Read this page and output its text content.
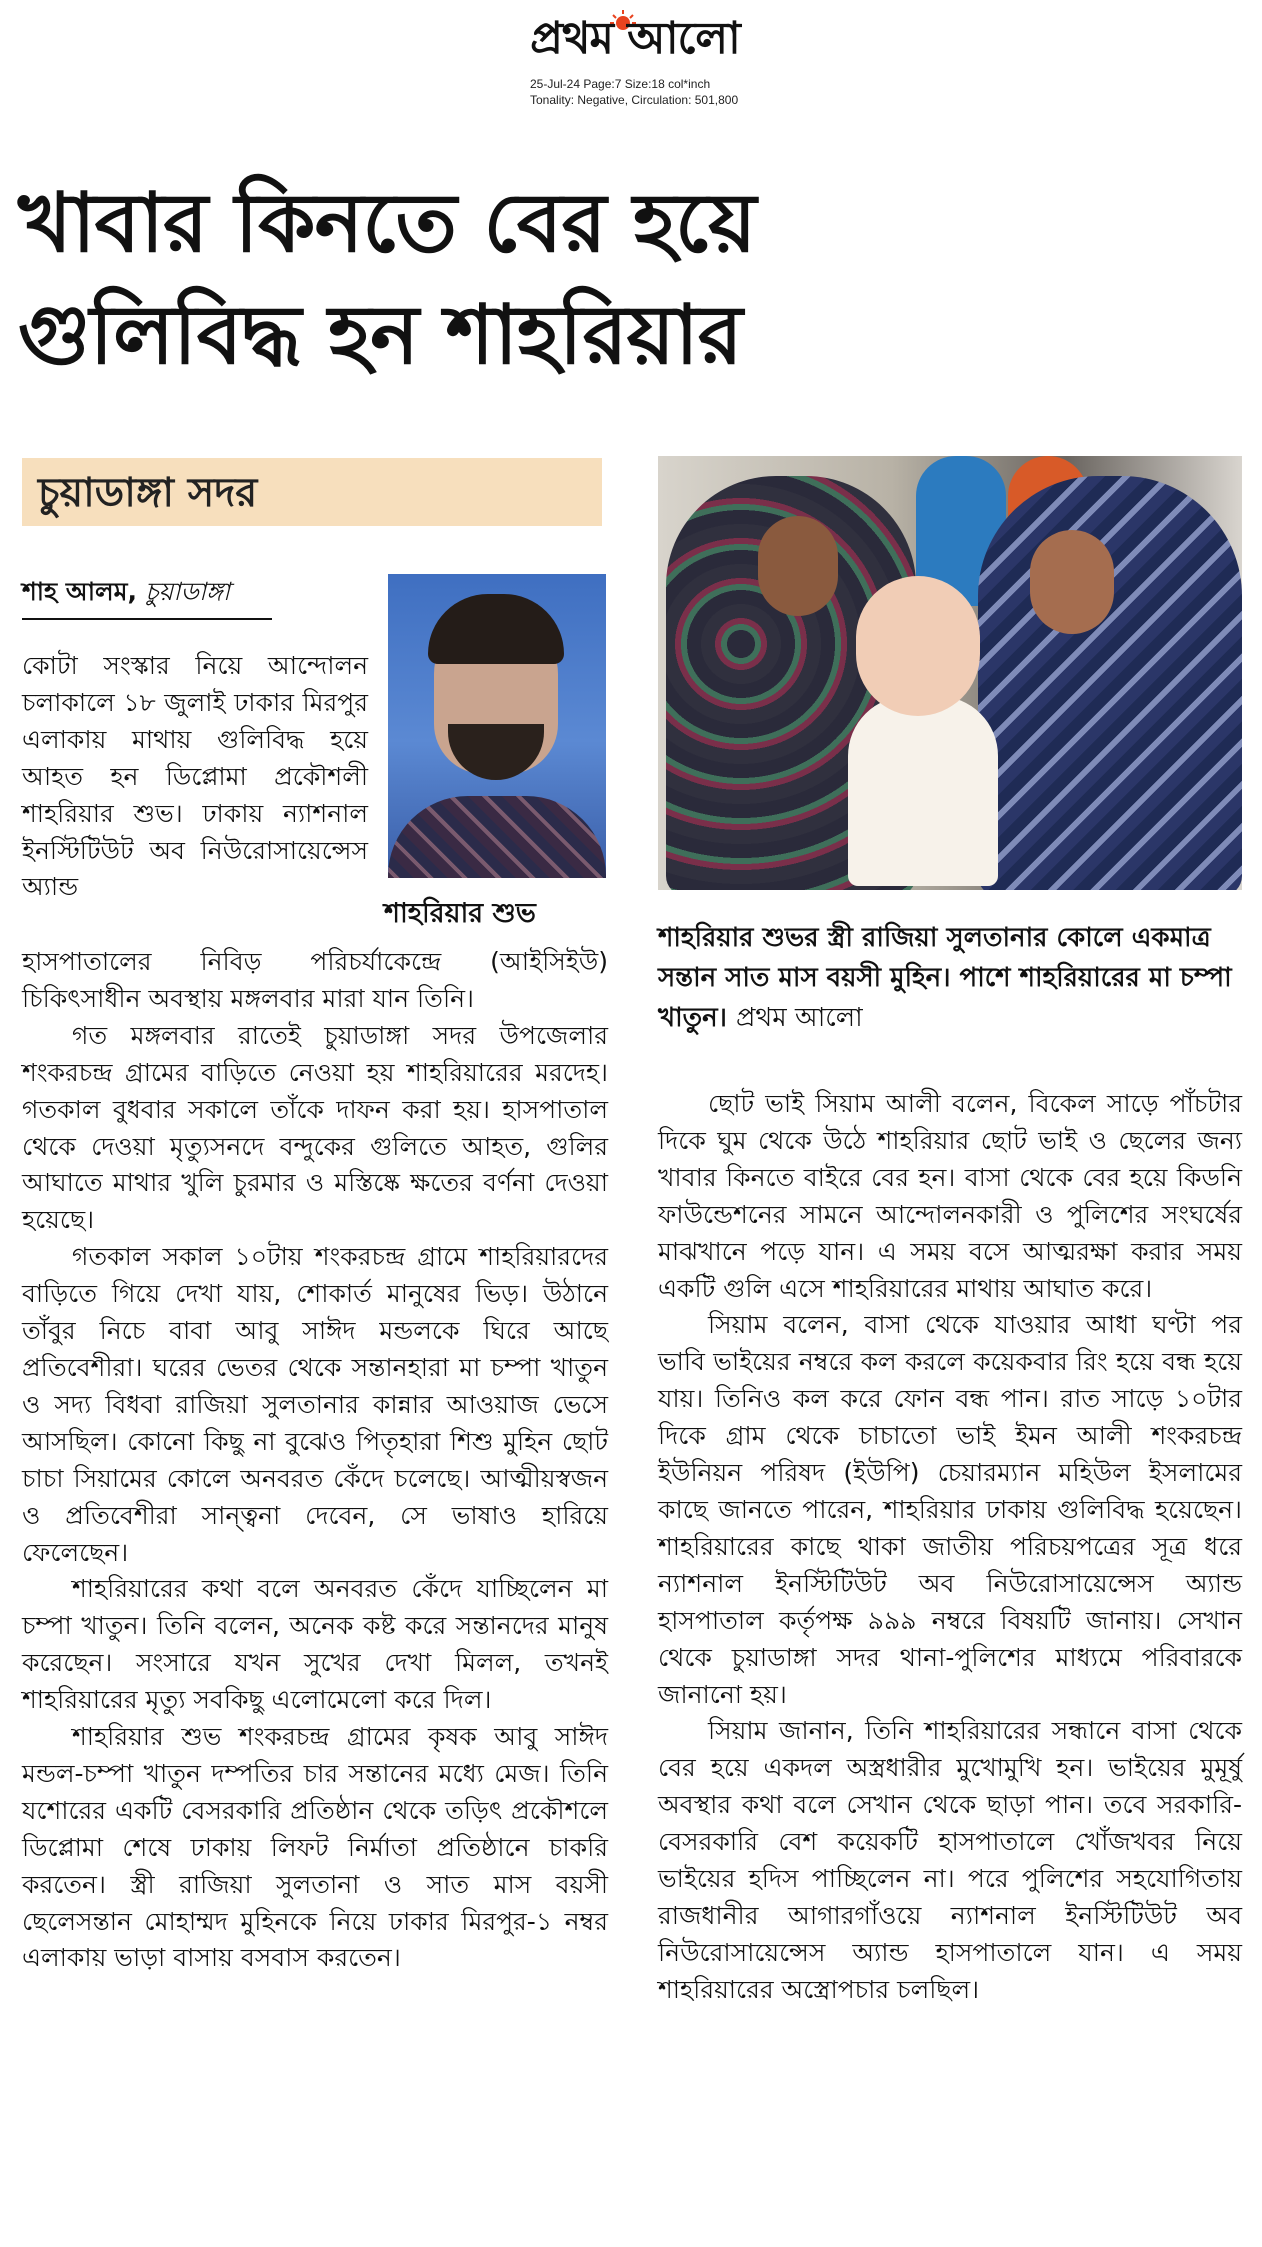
প্রথম আলো
25-Jul-24 Page:7 Size:18 col*inch
Tonality: Negative, Circulation: 501,800
খাবার কিনতে বের হয়ে
গুলিবিদ্ধ হন শাহরিয়ার
চুয়াডাঙ্গা সদর
শাহ আলম, চুয়াডাঙ্গা
শাহরিয়ার শুভ
শাহরিয়ার শুভর স্ত্রী রাজিয়া সুলতানার কোলে একমাত্র সন্তান সাত মাস বয়সী মুহিন। পাশে শাহরিয়ারের মা চম্পা খাতুন। প্রথম আলো

কোটা সংস্কার নিয়ে আন্দোলন চলাকালে ১৮ জুলাই ঢাকার মিরপুর এলাকায় মাথায় গুলিবিদ্ধ হয়ে আহত হন ডিপ্লোমা প্রকৌশলী শাহরিয়ার শুভ। ঢাকায় ন্যাশনাল ইনস্টিটিউট অব নিউরোসায়েন্সেস অ্যান্ড

হাসপাতালের নিবিড় পরিচর্যাকেন্দ্রে (আইসিইউ) চিকিৎসাধীন অবস্থায় মঙ্গলবার মারা যান তিনি।

গত মঙ্গলবার রাতেই চুয়াডাঙ্গা সদর উপজেলার শংকরচন্দ্র গ্রামের বাড়িতে নেওয়া হয় শাহরিয়ারের মরদেহ। গতকাল বুধবার সকালে তাঁকে দাফন করা হয়। হাসপাতাল থেকে দেওয়া মৃত্যুসনদে বন্দুকের গুলিতে আহত, গুলির আঘাতে মাথার খুলি চুরমার ও মস্তিষ্কে ক্ষতের বর্ণনা দেওয়া হয়েছে।

গতকাল সকাল ১০টায় শংকরচন্দ্র গ্রামে শাহরিয়ারদের বাড়িতে গিয়ে দেখা যায়, শোকার্ত মানুষের ভিড়। উঠানে তাঁবুর নিচে বাবা আবু সাঈদ মন্ডলকে ঘিরে আছে প্রতিবেশীরা। ঘরের ভেতর থেকে সন্তানহারা মা চম্পা খাতুন ও সদ্য বিধবা রাজিয়া সুলতানার কান্নার আওয়াজ ভেসে আসছিল। কোনো কিছু না বুঝেও পিতৃহারা শিশু মুহিন ছোট চাচা সিয়ামের কোলে অনবরত কেঁদে চলেছে। আত্মীয়স্বজন ও প্রতিবেশীরা সান্ত্বনা দেবেন, সে ভাষাও হারিয়ে ফেলেছেন।

শাহরিয়ারের কথা বলে অনবরত কেঁদে যাচ্ছিলেন মা চম্পা খাতুন। তিনি বলেন, অনেক কষ্ট করে সন্তানদের মানুষ করেছেন। সংসারে যখন সুখের দেখা মিলল, তখনই শাহরিয়ারের মৃত্যু সবকিছু এলোমেলো করে দিল।

শাহরিয়ার শুভ শংকরচন্দ্র গ্রামের কৃষক আবু সাঈদ মন্ডল-চম্পা খাতুন দম্পতির চার সন্তানের মধ্যে মেজ। তিনি যশোরের একটি বেসরকারি প্রতিষ্ঠান থেকে তড়িৎ প্রকৌশলে ডিপ্লোমা শেষে ঢাকায় লিফট নির্মাতা প্রতিষ্ঠানে চাকরি করতেন। স্ত্রী রাজিয়া সুলতানা ও সাত মাস বয়সী ছেলেসন্তান মোহাম্মদ মুহিনকে নিয়ে ঢাকার মিরপুর-১ নম্বর এলাকায় ভাড়া বাসায় বসবাস করতেন।

ছোট ভাই সিয়াম আলী বলেন, বিকেল সাড়ে পাঁচটার দিকে ঘুম থেকে উঠে শাহরিয়ার ছোট ভাই ও ছেলের জন্য খাবার কিনতে বাইরে বের হন। বাসা থেকে বের হয়ে কিডনি ফাউন্ডেশনের সামনে আন্দোলনকারী ও পুলিশের সংঘর্ষের মাঝখানে পড়ে যান। এ সময় বসে আত্মরক্ষা করার সময় একটি গুলি এসে শাহরিয়ারের মাথায় আঘাত করে।

সিয়াম বলেন, বাসা থেকে যাওয়ার আধা ঘণ্টা পর ভাবি ভাইয়ের নম্বরে কল করলে কয়েকবার রিং হয়ে বন্ধ হয়ে যায়। তিনিও কল করে ফোন বন্ধ পান। রাত সাড়ে ১০টার দিকে গ্রাম থেকে চাচাতো ভাই ইমন আলী শংকরচন্দ্র ইউনিয়ন পরিষদ (ইউপি) চেয়ারম্যান মহিউল ইসলামের কাছে জানতে পারেন, শাহরিয়ার ঢাকায় গুলিবিদ্ধ হয়েছেন। শাহরিয়ারের কাছে থাকা জাতীয় পরিচয়পত্রের সূত্র ধরে ন্যাশনাল ইনস্টিটিউট অব নিউরোসায়েন্সেস অ্যান্ড হাসপাতাল কর্তৃপক্ষ ৯৯৯ নম্বরে বিষয়টি জানায়। সেখান থেকে চুয়াডাঙ্গা সদর থানা-পুলিশের মাধ্যমে পরিবারকে জানানো হয়।

সিয়াম জানান, তিনি শাহরিয়ারের সন্ধানে বাসা থেকে বের হয়ে একদল অস্ত্রধারীর মুখোমুখি হন। ভাইয়ের মুমূর্ষু অবস্থার কথা বলে সেখান থেকে ছাড়া পান। তবে সরকারি-বেসরকারি বেশ কয়েকটি হাসপাতালে খোঁজখবর নিয়ে ভাইয়ের হদিস পাচ্ছিলেন না। পরে পুলিশের সহযোগিতায় রাজধানীর আগারগাঁওয়ে ন্যাশনাল ইনস্টিটিউট অব নিউরোসায়েন্সেস অ্যান্ড হাসপাতালে যান। এ সময় শাহরিয়ারের অস্ত্রোপচার চলছিল।
